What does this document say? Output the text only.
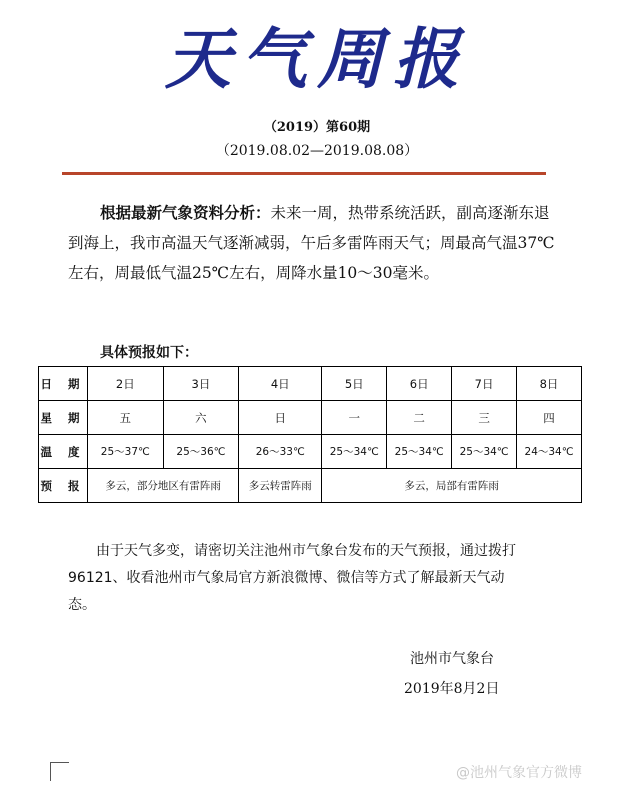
天气周报
（2019）第60期
（2019.08.02—2019.08.08）
根据最新气象资料分析：未来一周，热带系统活跃，副高逐渐东退到海上，我市高温天气逐渐减弱，午后多雷阵雨天气；周最高气温37℃左右，周最低气温25℃左右，周降水量10～30毫米。
具体预报如下：
日 期	2日	3日	4日	5日	6日	7日	8日
星 期	五	六	日	一	二	三	四
温 度	25～37℃	25～36℃	26～33℃	25～34℃	25～34℃	25～34℃	24～34℃
预 报	多云，部分地区有雷阵雨		多云转雷阵雨	多云，局部有雷阵雨			
由于天气多变，请密切关注池州市气象台发布的天气预报，通过拨打96121、收看池州市气象局官方新浪微博、微信等方式了解最新天气动态。
池州市气象台
2019年8月2日
@池州气象官方微博
